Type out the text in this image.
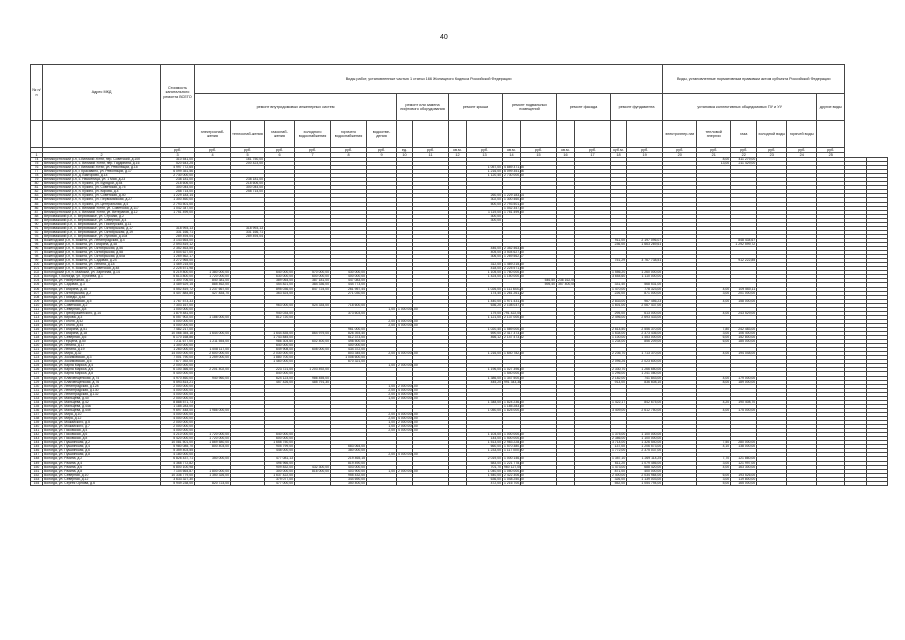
40
№ п/п	Адрес МКД	Стоимость капитального ремонта ВСЕГО	Виды работ, установленные частью 1 статьи 166 Жилищного Кодекса Российской Федерации																Виды, установленные нормативным правовым актом субъекта Российской Федерации							
			ремонт внутридомовых инженерных систем						ремонт или замена лифтового оборудования		ремонт крыши		ремонт подвальных помещений		ремонт фасада		ремонт фундамента		установка коллективных общедомовых ПУ и УУ					другие виды		
			электроснаб-жения	теплоснаб-жения	газоснаб-жения	холодного водоснабжения	горячего водоснабжения	водоотве-дения											электроэнер-гии	тепловой энергии	газа	холодной воды	горячей воды			
		руб.	руб.	руб.	руб.	руб.	руб.	руб.	ед.	руб.	кв.м.	руб.	кв.м.	руб.	кв.м.	руб.	куб.м.	руб.	руб.	руб.	руб.	руб.	руб.	руб.		
1	2	3	4	5	6	7	8	9	10	11	12	13	14	15	16	17	18	19	20	21	22	23	24	25		
74	Великоустюгский р-н, с.Великий Устюг, пер. Советский, д.10б	310 541,00		161 750,00																8,00	411 279,00					
75	Великоустюгский р-н, с. Великий Устюг, пер. Гардинина, д.16	520 643,25		200 423,00																13,00	211 429,00					
76	Великоустюгский р-н, г. Великий Устюг, ул. Революции, д.15	4 997 772,65										1 057,00	4 889 371,85													
77	Великоустюгский р-н, г. Красавино, ул. Революции, д.17	6 099 351,56										1 216,00	6 099 351,56													
78	Великоустюгский р-н, д. Викторово, д.14	2 730 000,00										1 120,40	2 730 000,00													
79	Великоустюгский р-н, с. Нюксеница, ул. 1 Мая, д.23	238 181,00		238 181,00																						
80	Великоустюгский р-н, п. Кузино, ул. Бурядой, д.54	218 606,00		218 606,00																						
81	Великоустюгский р-н, п. Кузино, ул. Советская, д.75	300 044,00		300 044,00																						
82	Великоустюгский р-н, п. Кузино, ул. Кирова, д.4	258 714,00		258 714,00																						
83	Великоустюгский р-н, п. Кузино, ул. Советская, д.40	1 229 183,14										260,00	1 229 183,14													
84	Великоустюгский р-н, п. Кузино, ул. Первомайская, д.27	1 300 460,00										302,00	1 300 460,00													
85	Великоустюгский р-н, п. Кузино, ул. Центральная, д.4	2 793 501,00										500,00	2 793 501,00													
86	Великоустюгский р-н, с. Великий Устюг, ул. Советская, д.117	1 042 347,00											1 042 347,00													
87	Великоустюгский р-н, с. Великий Устюг, ул. Ветеранов, д.12	1 751 499,00										1 119,00	1 751 499,00													
88	Верховажский р-н, с. Верховажье, ул. Стройки, д.2											300,00														
89	Верховажский р-н, с. Верховажье, ул. Северная, д.4											300,00														
90	Верховажский р-н, с. Верховажье, ул. Пионерская, д.11																									
91	Верховажский р-н, с. Верховажье, ул. Октябрьская, д.17	318 993,13		318 993,13																						
92	Верховажский р-н, с. Верховажье, ул. Октябрьская, д.19	331 166,71		331 166,71																						
93	Верховажский р-н, с. Верховажье, ул. Луговая, д.10а	289 494,04		289 494,04																						
94	Вожегодский р-н, п. Вожега, ул. Ленинградская, д.4	3 143 664,00															911,00	2 197 096,07			848 434,67					
95	Вожегодский р-н, п. Вожега, ул. Гагарина, д.48	2 593 819,12															236,00	1 663 269,61			1 292 599,72					
96	Вожегодский р-н, п. Вожега, ул. Октябрьская, д.56	2 352 463,55										446,00	2 352 463,55													
97	Вожегодский р-н, п. Вожега, ул. Октябрьская, д.58	3 504 627,00										405,00	3 504 627,00													
98	Вожегодский р-н, п. Вожега, ул. Октябрьская, д.60а	1 269 562,17										306,00	1 269 562,17													
99	Вожегодский р-н, п. Вожега, ул. Садовая, д.24	3 272 965,00															751,29	3 767 738,51			912 222,85					
100	Вожегодский р-н, п. Вожега, ул. Ленина, д.18	1 469 215,00										312,00	1 469 215,00													
101	Вожегодский р-н, п. Вожега, ул. Советская, д.48	2 225 571,98										418,00	2 225 571,98													
102	Вологодский р-н, п. Майский, ул. Заречная, д.14	5 219 800,00	1 380 000,00		640 000,00	570 000,00	430 000,00					1 105,00	1 760 000,00				1 556,20	1 260 000,00								
103	Вологда, г. Вологда, ул. Пугачева, д.1	5 613 800,00	1 720 000,00		630 000,00	600 000,00	400 000,00					1 424,00	1 150 000,00				3 654,60	1 110 000,00								
104	Вологда, ул. Набережная, д.7	1 300 706,00	840 381,00		389 064,00	387 181,00	447 083,00							546,50	236 162,00											
105	Вологда, ул. Садовая, д.3	3 489 629,15	885 462,00		454 821,00	384 336,00	444 773,00							595,40	357 400,00		331,40	568 531,00								
106	Вологда, ул. Гагарина, д.18	4 552 819,72	1 237 667,00		895 036,00	847 724,00	261 957,44					1 026,00	1 111 644,25				1 470,00	778 323,00		4,00	109 560,11					
107	Вологда, ул. Октябрьская, д.2	4 407 884,85	427 834,70		363 524,00		271 030,00					174,40	1 261 261,32				226,00	871 000,00		3,00	201 000,00					
108	Вологда, ул. Победы, д.48																									
109	Вологда, ул. Зосимовская, д.5	1 767 573,33										1 440,00	1 971 431,25				2 833,00	967 456,23		4,00	158 000,00					
110	Вологда, ул. Советская, д.2	7 303 167,00			963 000,00	524 334,00	718 600,00					636,20	2 108 037,70				1 601,00	2 067 437,00								
111	Вологда, ул. Северная, д.8	1 000 000,00						1,00	1 000 000,00																	
112	Вологда, ул. Преображенского, д.14	1 879 481,00			940 034,00		373 603,00					179,00	791 422,00				295,00	613 000,00		4,00	243 529,00					
113	Вологда, ул. Кирова, д.3	6 057 902,00	1 186 000,00		812 720,00							1 121,00	2 137 000,00				2 496,00	2 693 433,00								
114	Вологда, ул. Гоголя, д.42	4 000 000,00						2,00	4 000 000,00																	
115	Вологда, ул. Гоголя, д.44	4 000 000,00						2,00	4 000 000,00																	
116	Вологда, ул. Гагарина, д.51	7 482 217,00					961 000,00					1 020,40	1 589 000,00				2 614,50	2 556 370,00		7,80	242 483,00					
117	Вологда, ул. Гагарина, д.18	10 066 354,18	1 644 000,00		1 644 835,00	864 979,00	826 393,40					690,00	2 417 373,60				1 634,00	2 373 436,00		3,00	106 400,00					
118	Вологда, ул. Северная, д.6	6 170 168,86			1 743 845,00		612 373,00					466,12	2 147 473,52				1 100,00	1 453 000,00		6,00	152 800,00					
119	Вологда, ул. Герцена, д.50	7 211 677,00	1 211 554,00		986 304,60	602 400,00	498 500,00										1 234,00	856 209,00		6,00	185 000,00					
120	Вологда, ул. Ленина, д.17	1 300 000,00			640 000,00		400 000,00																			
121	Вологда, ул. Ленина, д.19	1 260 000,00	1 008 117,00		649 908,00	608 000,00	434 372,00																			
122	Вологда, ул. Мира, д.32	14 000 000,00	2 600 000,00		2 030 000,00		803 345,00	2,00	4 000 000,00			1 216,00	1 640 782,00				2 236,70	1 713 370,00		4,00	194 048,00					
123	Вологда, ул. Зосимовская, д.3	7 001 790,00	1 259 000,00		1 880 700,00		1 008 600,00																			
124	Вологда, ул. Зосимовская, д.6	7 677 392,00			1 460 000,00		670 321,00										2 096,26	2 023 600,00								
125	Вологда, ул. Карла Маркса, д.4	2 000 000,00						1,00	2 000 000,00																	
126	Вологда, ул. Карла Маркса, д.6	6 100 366,00	2 201 402,00		223 721,00	1 203 492,00						1 196,00	1 027 396,00				2 330,70	1 266 650,00								
127	Вологда, ул. Карла Маркса, д.8	5 400 000,00			840 000,00								1 540 000,00				1 296,00	1 241 080,00								
128	Вологда, ул. Благовещенская, д.74	4 970 460,00	940 960,00		624 123,00	986 455,00						1 386,00	1 347 500,00				2 182,00	741 843,00		4,00	179 000,00					
129	Вологда, ул. Благовещенская, д.76	5 593 814,21			457 426,00	485 791,30						445,20	991 343,38				913,00	836 608,10		8,00	189 000,00					
130	Вологда, ул. Ленинградская, д.128	2 000 000,00						1,00	2 000 000,00																	
131	Вологда, ул. Ленинградская, д.130	4 000 000,00						2,00	4 000 000,00																	
132	Вологда, ул. Ленинградская, д.132	4 000 000,00						2,00	4 000 000,00																	
133	Вологда, ул. Мальцева, д.40	2 000 000,00						1,00	2 000 000,00																	
134	Вологда, ул. Мальцева, д.42	8 888 571,73										1 348,00	1 824 236,00				1 422,17	842 675,00		4,20	190 408,70					
135	Вологда, ул. Мальцева, д.44а	1 185 283,00											1 185 283,00													
136	Вологда, ул. Мальцева, д.44б	9 697 448,00	1 986 000,00									1 050,00	1 825 000,00				3 409,00	2 612 750,00		4,00	175 000,00					
137	Вологда, ул. Мира, д.10	4 000 000,00						2,00	4 000 000,00																	
138	Вологда, ул. Мира, д.12	4 000 000,00						2,00	4 000 000,00																	
139	Вологда, ул. Можайского, д.5	2 000 000,00						1,00	2 000 000,00																	
140	Вологда, ул. Можайского, д.7	2 000 000,00						1,00	2 000 000,00																	
141	Вологда, ул. Псковская, д.4	4 000 000,00						2,00	4 000 000,00																	
142	Вологда, ул. Псковская, д.6	4 210 000,00	1 720 000,00		640 000,00							1 104,00	1 000 000,00				1 375,00	1 100 000,00								
143	Вологда, ул. Псковская, д.8	5 420 000,00	1 720 000,00		600 000,00							144,00	1 500 000,00				2 386,00	1 100 000,00								
144	Вологда, ул. Пушкинская, д.2	10 081 501,00	1 869 580,00		1 658 750,00							1 513,00	2 983 228,00				3 714,00	1 326 540,00		7,50	280 000,00					
145	Вологда, ул. Пушкинская, д.4	5 980 085,70	800 403,00		905 799,00		683 064,00					660,00	1 570 380,00				137,00	1 206 573,00		4,10	138 000,00					
146	Вологда, ул. Пушкинская, д.6	5 359 403,55			448 000,00		380 000,00					1 233,00	1 117 000,00				1 772,00	2 375 037,00								
147	Вологда, ул. Пушкинская, д.8	4 180 000,00						2,00	4 000 000,00																	
148	Вологда, ул. Разина, д.2	6 826 437,71	350 000,00		477 081,13		219 465,15					2 019,00	1 000 146,00				1 357,10	1 269 114,25		7,70	121 860,00					
149	Вологда, ул. Разина, д.4	4 368 772,82			496 966,00		819 490,00					583,00	1 221 778,00				611,20	1 079 456,00		3,00	121 997,00					
150	Вологда, ул. Разина, д.6	6 800 100,98			909 832,00	432 300,00	403 000,00					701,70	960 127,00				1 473,00	688 420,00		4,00	163 300,00					
151	Вологда, ул. Разина, д.8	7 104 664,87	1 800 000,00		300 000,00	816 000,00	403 900,00	1,00	2 000 000,00			1 040,00	1 050 000,00				871,00	400 000,00								
152	Вологда, ул. Северная, д.10	10 336 779,00	1 350 326,00		1 637 422,00		955 432,00					1 540,00	2 422 306,00				2 400,00	2 034 984,00		6,00	193 526,00					
153	Вологда, ул. Северная, д.12	3 633 327,30			379 077,00		344 690,00					636,00	1 048 250,00				326,00	1 139 003,00		3,00	119 800,00					
154	Вологда, ул. Сергея Орлова, д.6	5 949 238,00	820 723,00		477 000,00		350 400,00					472,00	1 216 700,00				552,00	1 054 794,00		5,00	165 000,00					
